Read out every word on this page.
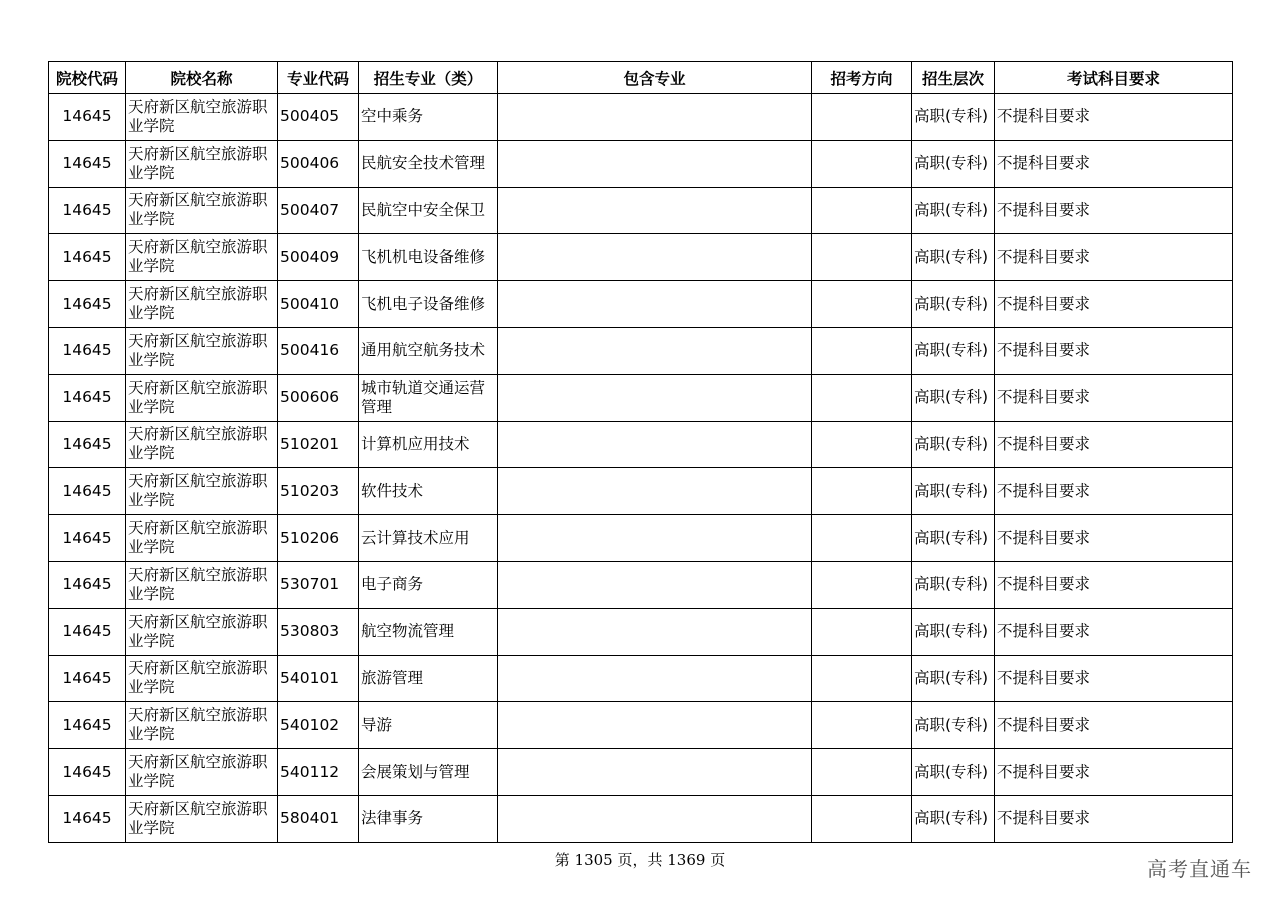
院校代码	院校名称	专业代码	招生专业（类）	包含专业	招考方向	招生层次	考试科目要求
14645	天府新区航空旅游职业学院	500405	空中乘务			高职(专科)	不提科目要求
14645	天府新区航空旅游职业学院	500406	民航安全技术管理			高职(专科)	不提科目要求
14645	天府新区航空旅游职业学院	500407	民航空中安全保卫			高职(专科)	不提科目要求
14645	天府新区航空旅游职业学院	500409	飞机机电设备维修			高职(专科)	不提科目要求
14645	天府新区航空旅游职业学院	500410	飞机电子设备维修			高职(专科)	不提科目要求
14645	天府新区航空旅游职业学院	500416	通用航空航务技术			高职(专科)	不提科目要求
14645	天府新区航空旅游职业学院	500606	城市轨道交通运营管理			高职(专科)	不提科目要求
14645	天府新区航空旅游职业学院	510201	计算机应用技术			高职(专科)	不提科目要求
14645	天府新区航空旅游职业学院	510203	软件技术			高职(专科)	不提科目要求
14645	天府新区航空旅游职业学院	510206	云计算技术应用			高职(专科)	不提科目要求
14645	天府新区航空旅游职业学院	530701	电子商务			高职(专科)	不提科目要求
14645	天府新区航空旅游职业学院	530803	航空物流管理			高职(专科)	不提科目要求
14645	天府新区航空旅游职业学院	540101	旅游管理			高职(专科)	不提科目要求
14645	天府新区航空旅游职业学院	540102	导游			高职(专科)	不提科目要求
14645	天府新区航空旅游职业学院	540112	会展策划与管理			高职(专科)	不提科目要求
14645	天府新区航空旅游职业学院	580401	法律事务			高职(专科)	不提科目要求
第 1305 页，共 1369 页	高考直通车
